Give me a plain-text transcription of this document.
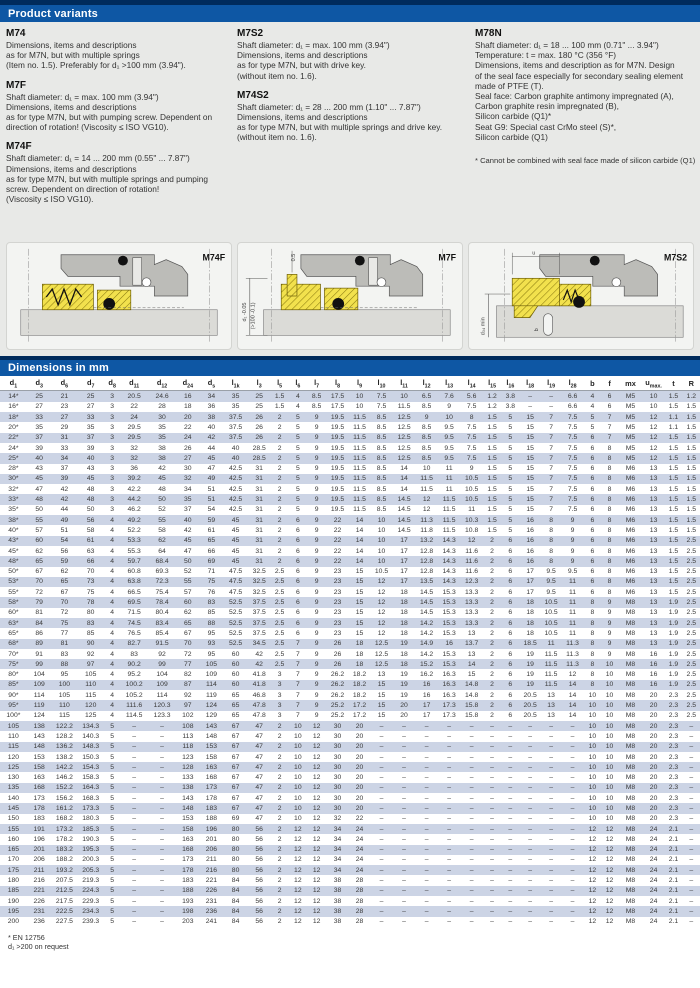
Product variants
M74
Dimensions, items and descriptions
as for M7N, but with multiple springs
(Item no. 1.5). Preferably for d₁ >100 mm (3.94").
M7F
Shaft diameter: d₁ = max. 100 mm (3.94")
Dimensions, items and descriptions
as for type M7N, but with pumping screw. Dependent on
direction of rotation! (Viscosity ≤ ISO VG10).
M74F
Shaft diameter: d₁ = 14 ... 200 mm (0.55" ... 7.87")
Dimensions, items and descriptions
as for type M7N, but with multiple springs and pumping
screw. Dependent on direction of rotation!
(Viscosity ≤ ISO VG10).
M7S2
Shaft diameter: d₁ = max. 100 mm (3.94")
Dimensions, items and descriptions
as for type M7N, but with drive key.
(without item no. 1.6).
M74S2
Shaft diameter: d₁ = 28 ... 200 mm (1.10" ... 7.87")
Dimensions, items and descriptions
as for type M7N, but with multiple springs and drive key.
(without item no. 1.6).
M78N
Shaft diameter: d₁ = 18 ... 100 mm (0.71" ... 3.94")
Temperature: t = max. 180 °C (356 °F)
Dimensions, items and description as for M7N. Design
of the seal face especially for secondary sealing element
made of PTFE (T).
Seal face: Carbon graphite antimony impregnated (A),
Carbon graphite resin impregnated (B),
Silicon carbide (Q1)*
Seat G9: Special cast CrMo steel (S)*,
Silicon carbide (Q1)
* Cannot be combined with seal face made of silicon carbide (Q1)
M74F
d₁ -0.05 (>100 -0.1)
0.5	M7F	u
d₃₄ min	b
M7S2
Dimensions in mm
$d_1$	$d_3$	$d_6$	$d_7$	$d_8$	$d_{11}$	$d_{12}$	$d_{24}$	$d_s$	$l_{1k}$	$l_3$	$l_5$	$l_6$	$l_7$	$l_8$	$l_9$	$l_{10}$	$l_{11}$	$l_{12}$	$l_{13}$	$l_{14}$	$l_{15}$	$l_{16}$	$l_{18}$	$l_{19}$	$l_{28}$	b	f	mx	$u_{max.}$	t	R
14*	25	21	25	3	20.5	24.6	16	34	35	25	1.5	4	8.5	17.5	10	7.5	10	6.5	7.6	5.6	1.2	3.8	–	–	6.6	4	6	M5	10	1.5	1.2
16*	27	23	27	3	22	28	18	36	35	25	1.5	4	8.5	17.5	10	7.5	11.5	8.5	9	7.5	1.2	3.8	–	–	6.6	4	6	M5	10	1.5	1.5
18*	33	27	33	3	24	30	20	38	37.5	26	2	5	9	19.5	11.5	8.5	12.5	9	10	8	1.5	5	15	7	7.5	5	7	M5	12	1.1	1.5
20*	35	29	35	3	29.5	35	22	40	37.5	26	2	5	9	19.5	11.5	8.5	12.5	8.5	9.5	7.5	1.5	5	15	7	7.5	5	7	M5	12	1.1	1.5
22*	37	31	37	3	29.5	35	24	42	37.5	26	2	5	9	19.5	11.5	8.5	12.5	8.5	9.5	7.5	1.5	5	15	7	7.5	6	7	M5	12	1.5	1.5
24*	39	33	39	3	32	38	26	44	40	28.5	2	5	9	19.5	11.5	8.5	12.5	8.5	9.5	7.5	1.5	5	15	7	7.5	6	8	M5	12	1.5	1.5
25*	40	34	40	3	32	38	27	45	40	28.5	2	5	9	19.5	11.5	8.5	12.5	8.5	9.5	7.5	1.5	5	15	7	7.5	6	8	M5	12	1.5	1.5
28*	43	37	43	3	36	42	30	47	42.5	31	2	5	9	19.5	11.5	8.5	14	10	11	9	1.5	5	15	7	7.5	6	8	M6	13	1.5	1.5
30*	45	39	45	3	39.2	45	32	49	42.5	31	2	5	9	19.5	11.5	8.5	14	11.5	11	10.5	1.5	5	15	7	7.5	6	8	M6	13	1.5	1.5
32*	47	42	48	3	42.2	48	34	51	42.5	31	2	5	9	19.5	11.5	8.5	14	11.5	11	10.5	1.5	5	15	7	7.5	6	8	M6	13	1.5	1.5
33*	48	42	48	3	44.2	50	35	51	42.5	31	2	5	9	19.5	11.5	8.5	14.5	12	11.5	10.5	1.5	5	15	7	7.5	6	8	M6	13	1.5	1.5
35*	50	44	50	3	46.2	52	37	54	42.5	31	2	5	9	19.5	11.5	8.5	14.5	12	11.5	11	1.5	5	15	7	7.5	6	8	M6	13	1.5	1.5
38*	55	49	56	4	49.2	55	40	59	45	31	2	6	9	22	14	10	14.5	11.3	11.5	10.3	1.5	5	16	8	9	6	8	M6	13	1.5	1.5
40*	57	51	58	4	52.2	58	42	61	45	31	2	6	9	22	14	10	14.5	11.8	11.5	10.8	1.5	5	16	8	9	6	8	M6	13	1.5	1.5
43*	60	54	61	4	53.3	62	45	65	45	31	2	6	9	22	14	10	17	13.2	14.3	12	2	6	16	8	9	6	8	M6	13	1.5	2.5
45*	62	56	63	4	55.3	64	47	66	45	31	2	6	9	22	14	10	17	12.8	14.3	11.6	2	6	16	8	9	6	8	M6	13	1.5	2.5
48*	65	59	66	4	59.7	68.4	50	69	45	31	2	6	9	22	14	10	17	12.8	14.3	11.6	2	6	16	8	9	6	8	M6	13	1.5	2.5
50*	67	62	70	4	60.8	69.3	52	71	47.5	32.5	2.5	6	9	23	15	10.5	17	12.8	14.3	11.6	2	6	17	9.5	9.5	6	8	M6	13	1.5	2.5
53*	70	65	73	4	63.8	72.3	55	75	47.5	32.5	2.5	6	9	23	15	12	17	13.5	14.3	12.3	2	6	17	9.5	11	6	8	M6	13	1.5	2.5
55*	72	67	75	4	66.5	75.4	57	76	47.5	32.5	2.5	6	9	23	15	12	18	14.5	15.3	13.3	2	6	17	9.5	11	6	8	M6	13	1.5	2.5
58*	79	70	78	4	69.5	78.4	60	83	52.5	37.5	2.5	6	9	23	15	12	18	14.5	15.3	13.3	2	6	18	10.5	11	8	9	M8	13	1.9	2.5
60*	81	72	80	4	71.5	80.4	62	85	52.5	37.5	2.5	6	9	23	15	12	18	14.5	15.3	13.3	2	6	18	10.5	11	8	9	M8	13	1.9	2.5
63*	84	75	83	4	74.5	83.4	65	88	52.5	37.5	2.5	6	9	23	15	12	18	14.2	15.3	13.3	2	6	18	10.5	11	8	9	M8	13	1.9	2.5
65*	86	77	85	4	76.5	85.4	67	95	52.5	37.5	2.5	6	9	23	15	12	18	14.2	15.3	13	2	6	18	10.5	11	8	9	M8	13	1.9	2.5
68*	89	81	90	4	82.7	91.5	70	93	52.5	34.5	2.5	7	9	26	18	12.5	19	14.9	16	13.7	2	6	18.5	11	11.3	8	9	M8	13	1.9	2.5
70*	91	83	92	4	83	92	72	95	60	42	2.5	7	9	26	18	12.5	18	14.2	15.3	13	2	6	19	11.5	11.3	8	9	M8	16	1.9	2.5
75*	99	88	97	4	90.2	99	77	105	60	42	2.5	7	9	26	18	12.5	18	15.2	15.3	14	2	6	19	11.5	11.3	8	10	M8	16	1.9	2.5
80*	104	95	105	4	95.2	104	82	109	60	41.8	3	7	9	26.2	18.2	13	19	16.2	16.3	15	2	6	19	11.5	12	8	10	M8	16	1.9	2.5
85*	109	100	110	4	100.2	109	87	114	60	41.8	3	7	9	26.2	18.2	15	19	16	16.3	14.8	2	6	19	11.5	14	8	10	M8	16	1.9	2.5
90*	114	105	115	4	105.2	114	92	119	65	46.8	3	7	9	26.2	18.2	15	19	16	16.3	14.8	2	6	20.5	13	14	10	10	M8	20	2.3	2.5
95*	119	110	120	4	111.6	120.3	97	124	65	47.8	3	7	9	25.2	17.2	15	20	17	17.3	15.8	2	6	20.5	13	14	10	10	M8	20	2.3	2.5
100*	124	115	125	4	114.5	123.3	102	129	65	47.8	3	7	9	25.2	17.2	15	20	17	17.3	15.8	2	6	20.5	13	14	10	10	M8	20	2.3	2.5
105	138	122.2	134.3	5	–	–	108	143	67	47	2	10	12	30	20	–	–	–	–	–	–	–	–	–	–	10	10	M8	20	2.3	–
110	143	128.2	140.3	5	–	–	113	148	67	47	2	10	12	30	20	–	–	–	–	–	–	–	–	–	–	10	10	M8	20	2.3	–
115	148	136.2	148.3	5	–	–	118	153	67	47	2	10	12	30	20	–	–	–	–	–	–	–	–	–	–	10	10	M8	20	2.3	–
120	153	138.2	150.3	5	–	–	123	158	67	47	2	10	12	30	20	–	–	–	–	–	–	–	–	–	–	10	10	M8	20	2.3	–
125	158	142.2	154.3	5	–	–	128	163	67	47	2	10	12	30	20	–	–	–	–	–	–	–	–	–	–	10	10	M8	20	2.3	–
130	163	146.2	158.3	5	–	–	133	168	67	47	2	10	12	30	20	–	–	–	–	–	–	–	–	–	–	10	10	M8	20	2.3	–
135	168	152.2	164.3	5	–	–	138	173	67	47	2	10	12	30	20	–	–	–	–	–	–	–	–	–	–	10	10	M8	20	2.3	–
140	173	156.2	168.3	5	–	–	143	178	67	47	2	10	12	30	20	–	–	–	–	–	–	–	–	–	–	10	10	M8	20	2.3	–
145	178	161.2	173.3	5	–	–	148	183	67	47	2	10	12	30	20	–	–	–	–	–	–	–	–	–	–	10	10	M8	20	2.3	–
150	183	168.2	180.3	5	–	–	153	188	69	47	2	10	12	32	22	–	–	–	–	–	–	–	–	–	–	10	10	M8	20	2.3	–
155	191	173.2	185.3	5	–	–	158	196	80	56	2	12	12	34	24	–	–	–	–	–	–	–	–	–	–	12	12	M8	24	2.1	–
160	196	178.2	190.3	5	–	–	163	201	80	56	2	12	12	34	24	–	–	–	–	–	–	–	–	–	–	12	12	M8	24	2.1	–
165	201	183.2	195.3	5	–	–	168	206	80	56	2	12	12	34	24	–	–	–	–	–	–	–	–	–	–	12	12	M8	24	2.1	–
170	206	188.2	200.3	5	–	–	173	211	80	56	2	12	12	34	24	–	–	–	–	–	–	–	–	–	–	12	12	M8	24	2.1	–
175	211	193.2	205.3	5	–	–	178	216	80	56	2	12	12	34	24	–	–	–	–	–	–	–	–	–	–	12	12	M8	24	2.1	–
180	216	207.5	219.3	5	–	–	183	221	84	56	2	12	12	38	28	–	–	–	–	–	–	–	–	–	–	12	12	M8	24	2.1	–
185	221	212.5	224.3	5	–	–	188	226	84	56	2	12	12	38	28	–	–	–	–	–	–	–	–	–	–	12	12	M8	24	2.1	–
190	226	217.5	229.3	5	–	–	193	231	84	56	2	12	12	38	28	–	–	–	–	–	–	–	–	–	–	12	12	M8	24	2.1	–
195	231	222.5	234.3	5	–	–	198	236	84	56	2	12	12	38	28	–	–	–	–	–	–	–	–	–	–	12	12	M8	24	2.1	–
200	236	227.5	239.3	5	–	–	203	241	84	56	2	12	12	38	28	–	–	–	–	–	–	–	–	–	–	12	12	M8	24	2.1	–
* EN 12756
d₁ >200 on request
